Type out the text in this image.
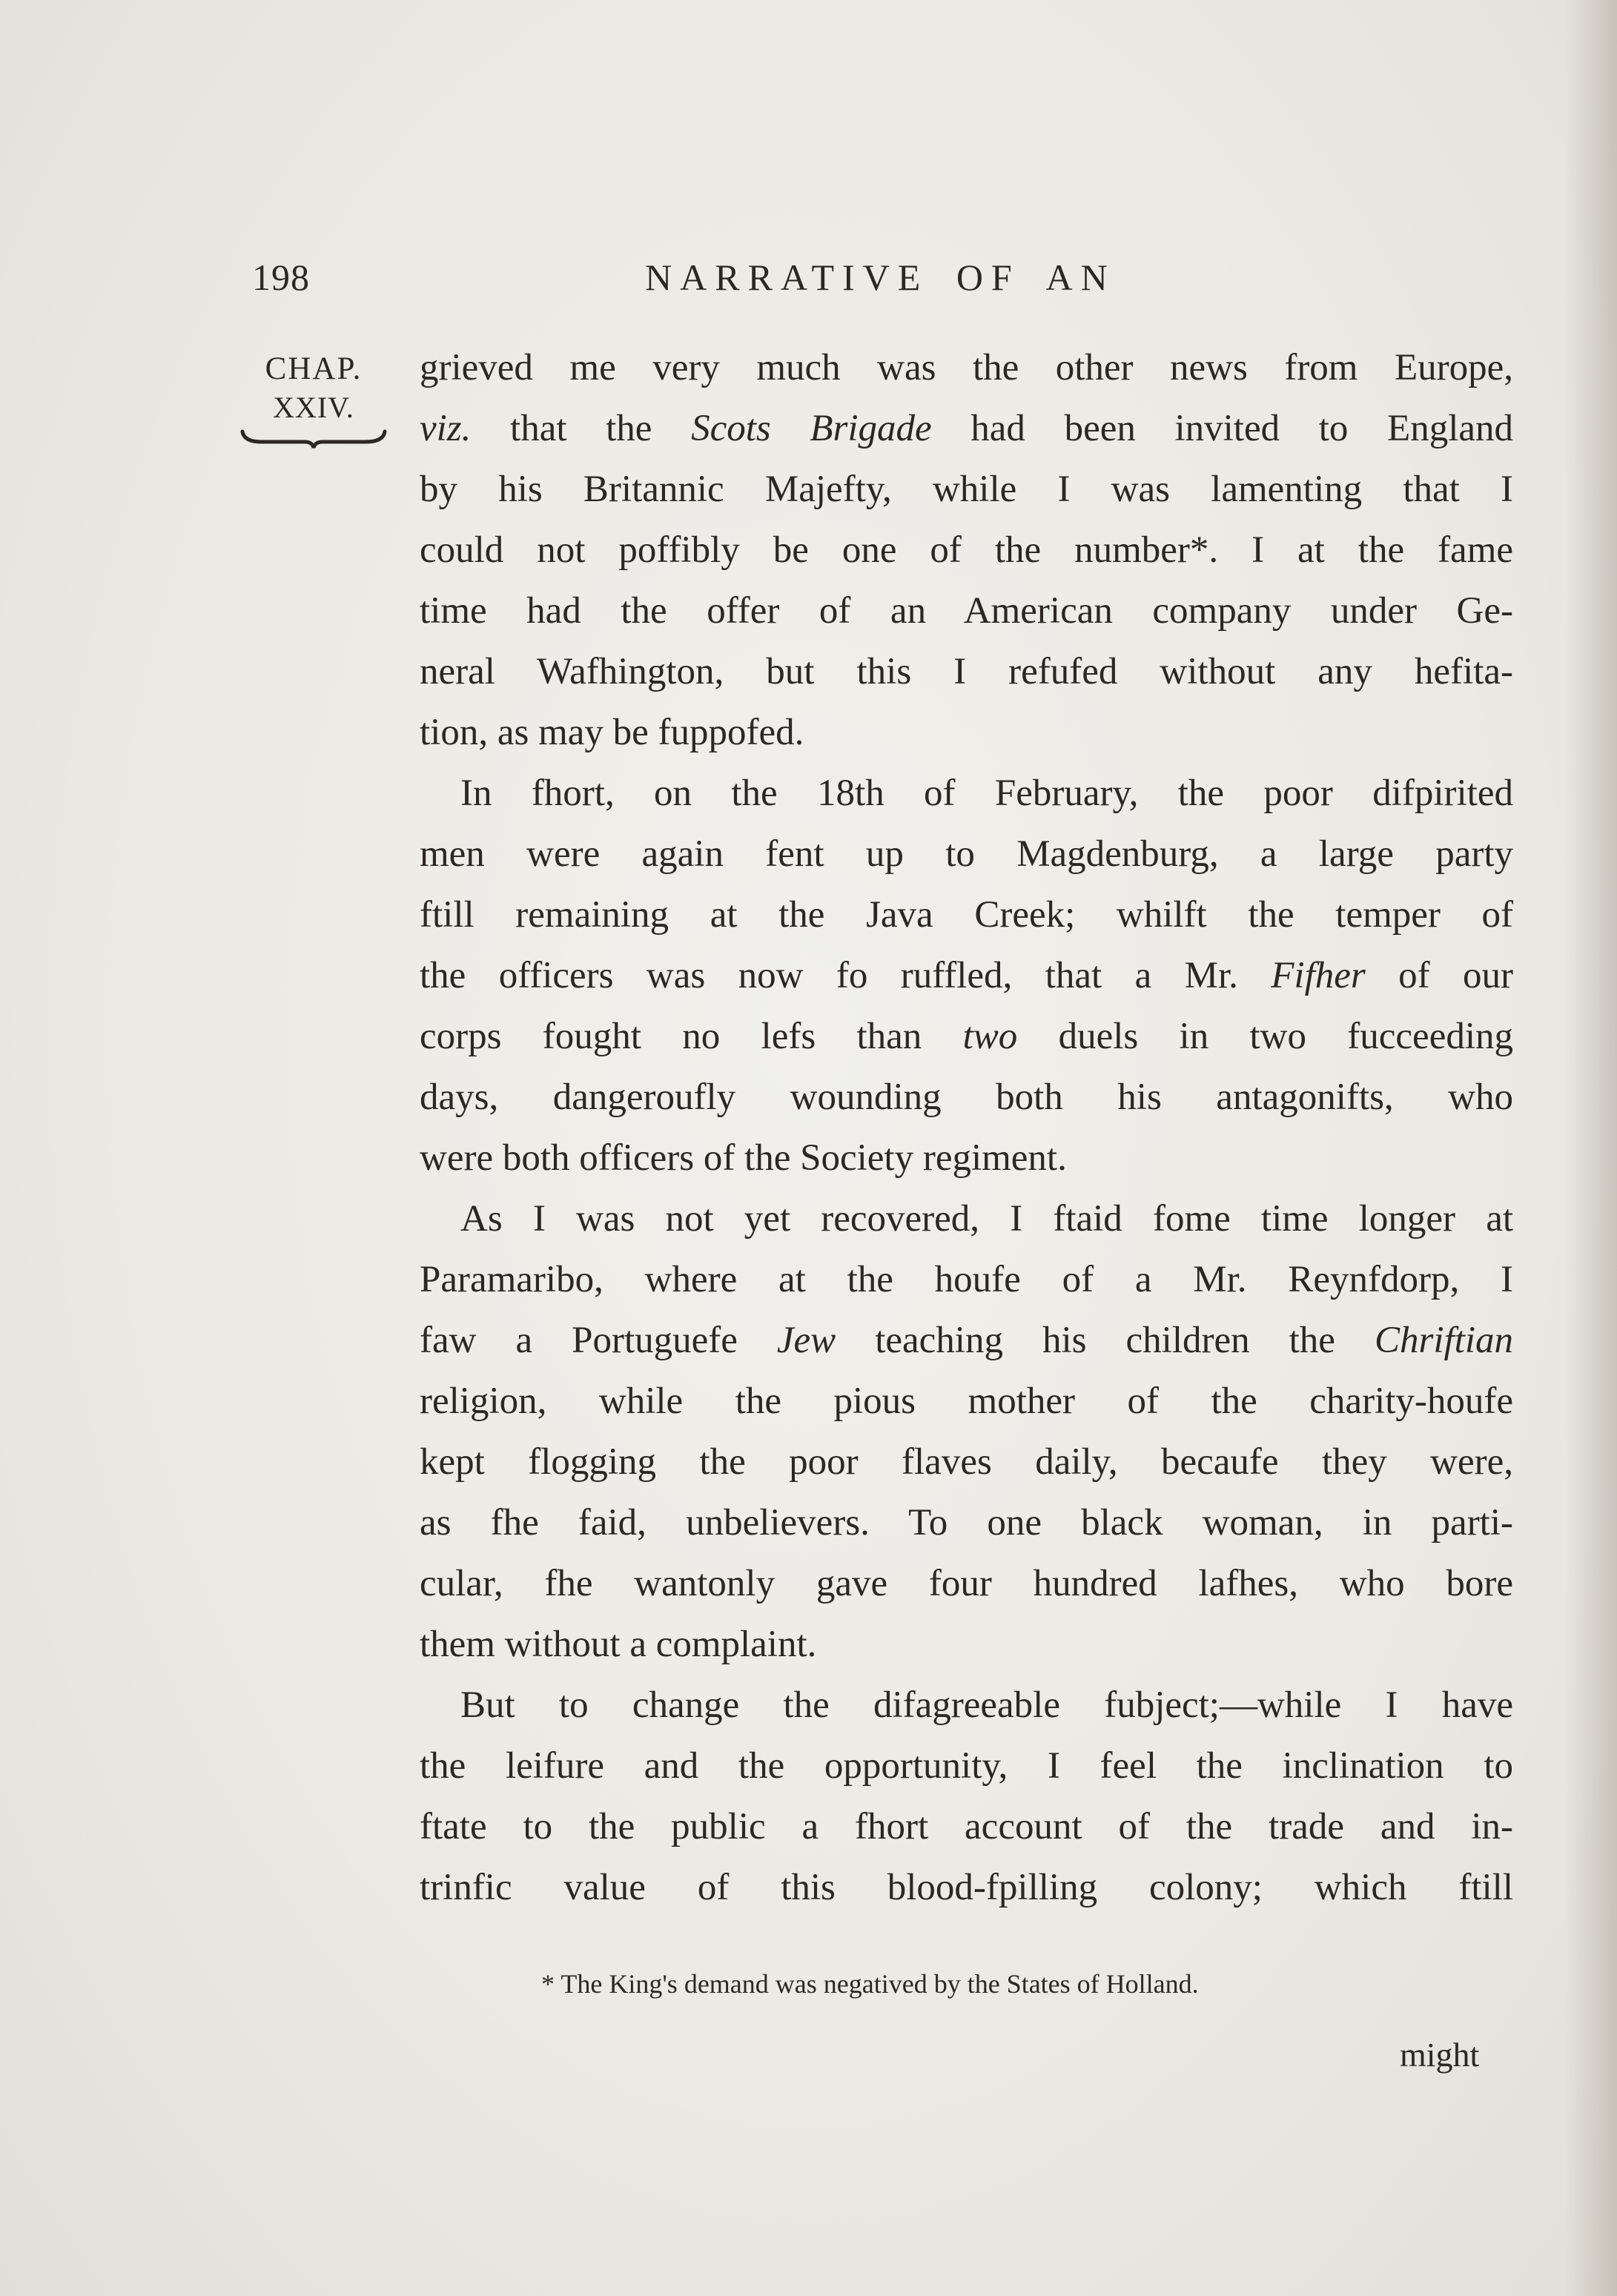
198	NARRATIVE OF AN
CHAP.
XXIV.
grieved me very much was the other news from Europe,
viz. that the Scots Brigade had been invited to England
by his Britannic Majefty, while I was lamenting that I
could not poffibly be one of the number*. I at the fame
time had the offer of an American company under Ge-
neral Wafhington, but this I refufed without any hefita-
tion, as may be fuppofed.
In fhort, on the 18th of February, the poor difpirited
men were again fent up to Magdenburg, a large party
ftill remaining at the Java Creek; whilft the temper of
the officers was now fo ruffled, that a Mr. Fifher of our
corps fought no lefs than two duels in two fucceeding
days, dangeroufly wounding both his antagonifts, who
were both officers of the Society regiment.
As I was not yet recovered, I ftaid fome time longer at
Paramaribo, where at the houfe of a Mr. Reynfdorp, I
faw a Portuguefe Jew teaching his children the Chriftian
religion, while the pious mother of the charity-houfe
kept flogging the poor flaves daily, becaufe they were,
as fhe faid, unbelievers. To one black woman, in parti-
cular, fhe wantonly gave four hundred lafhes, who bore
them without a complaint.
But to change the difagreeable fubject;—while I have
the leifure and the opportunity, I feel the inclination to
ftate to the public a fhort account of the trade and in-
trinfic value of this blood-fpilling colony; which ftill
* The King's demand was negatived by the States of Holland.
might
